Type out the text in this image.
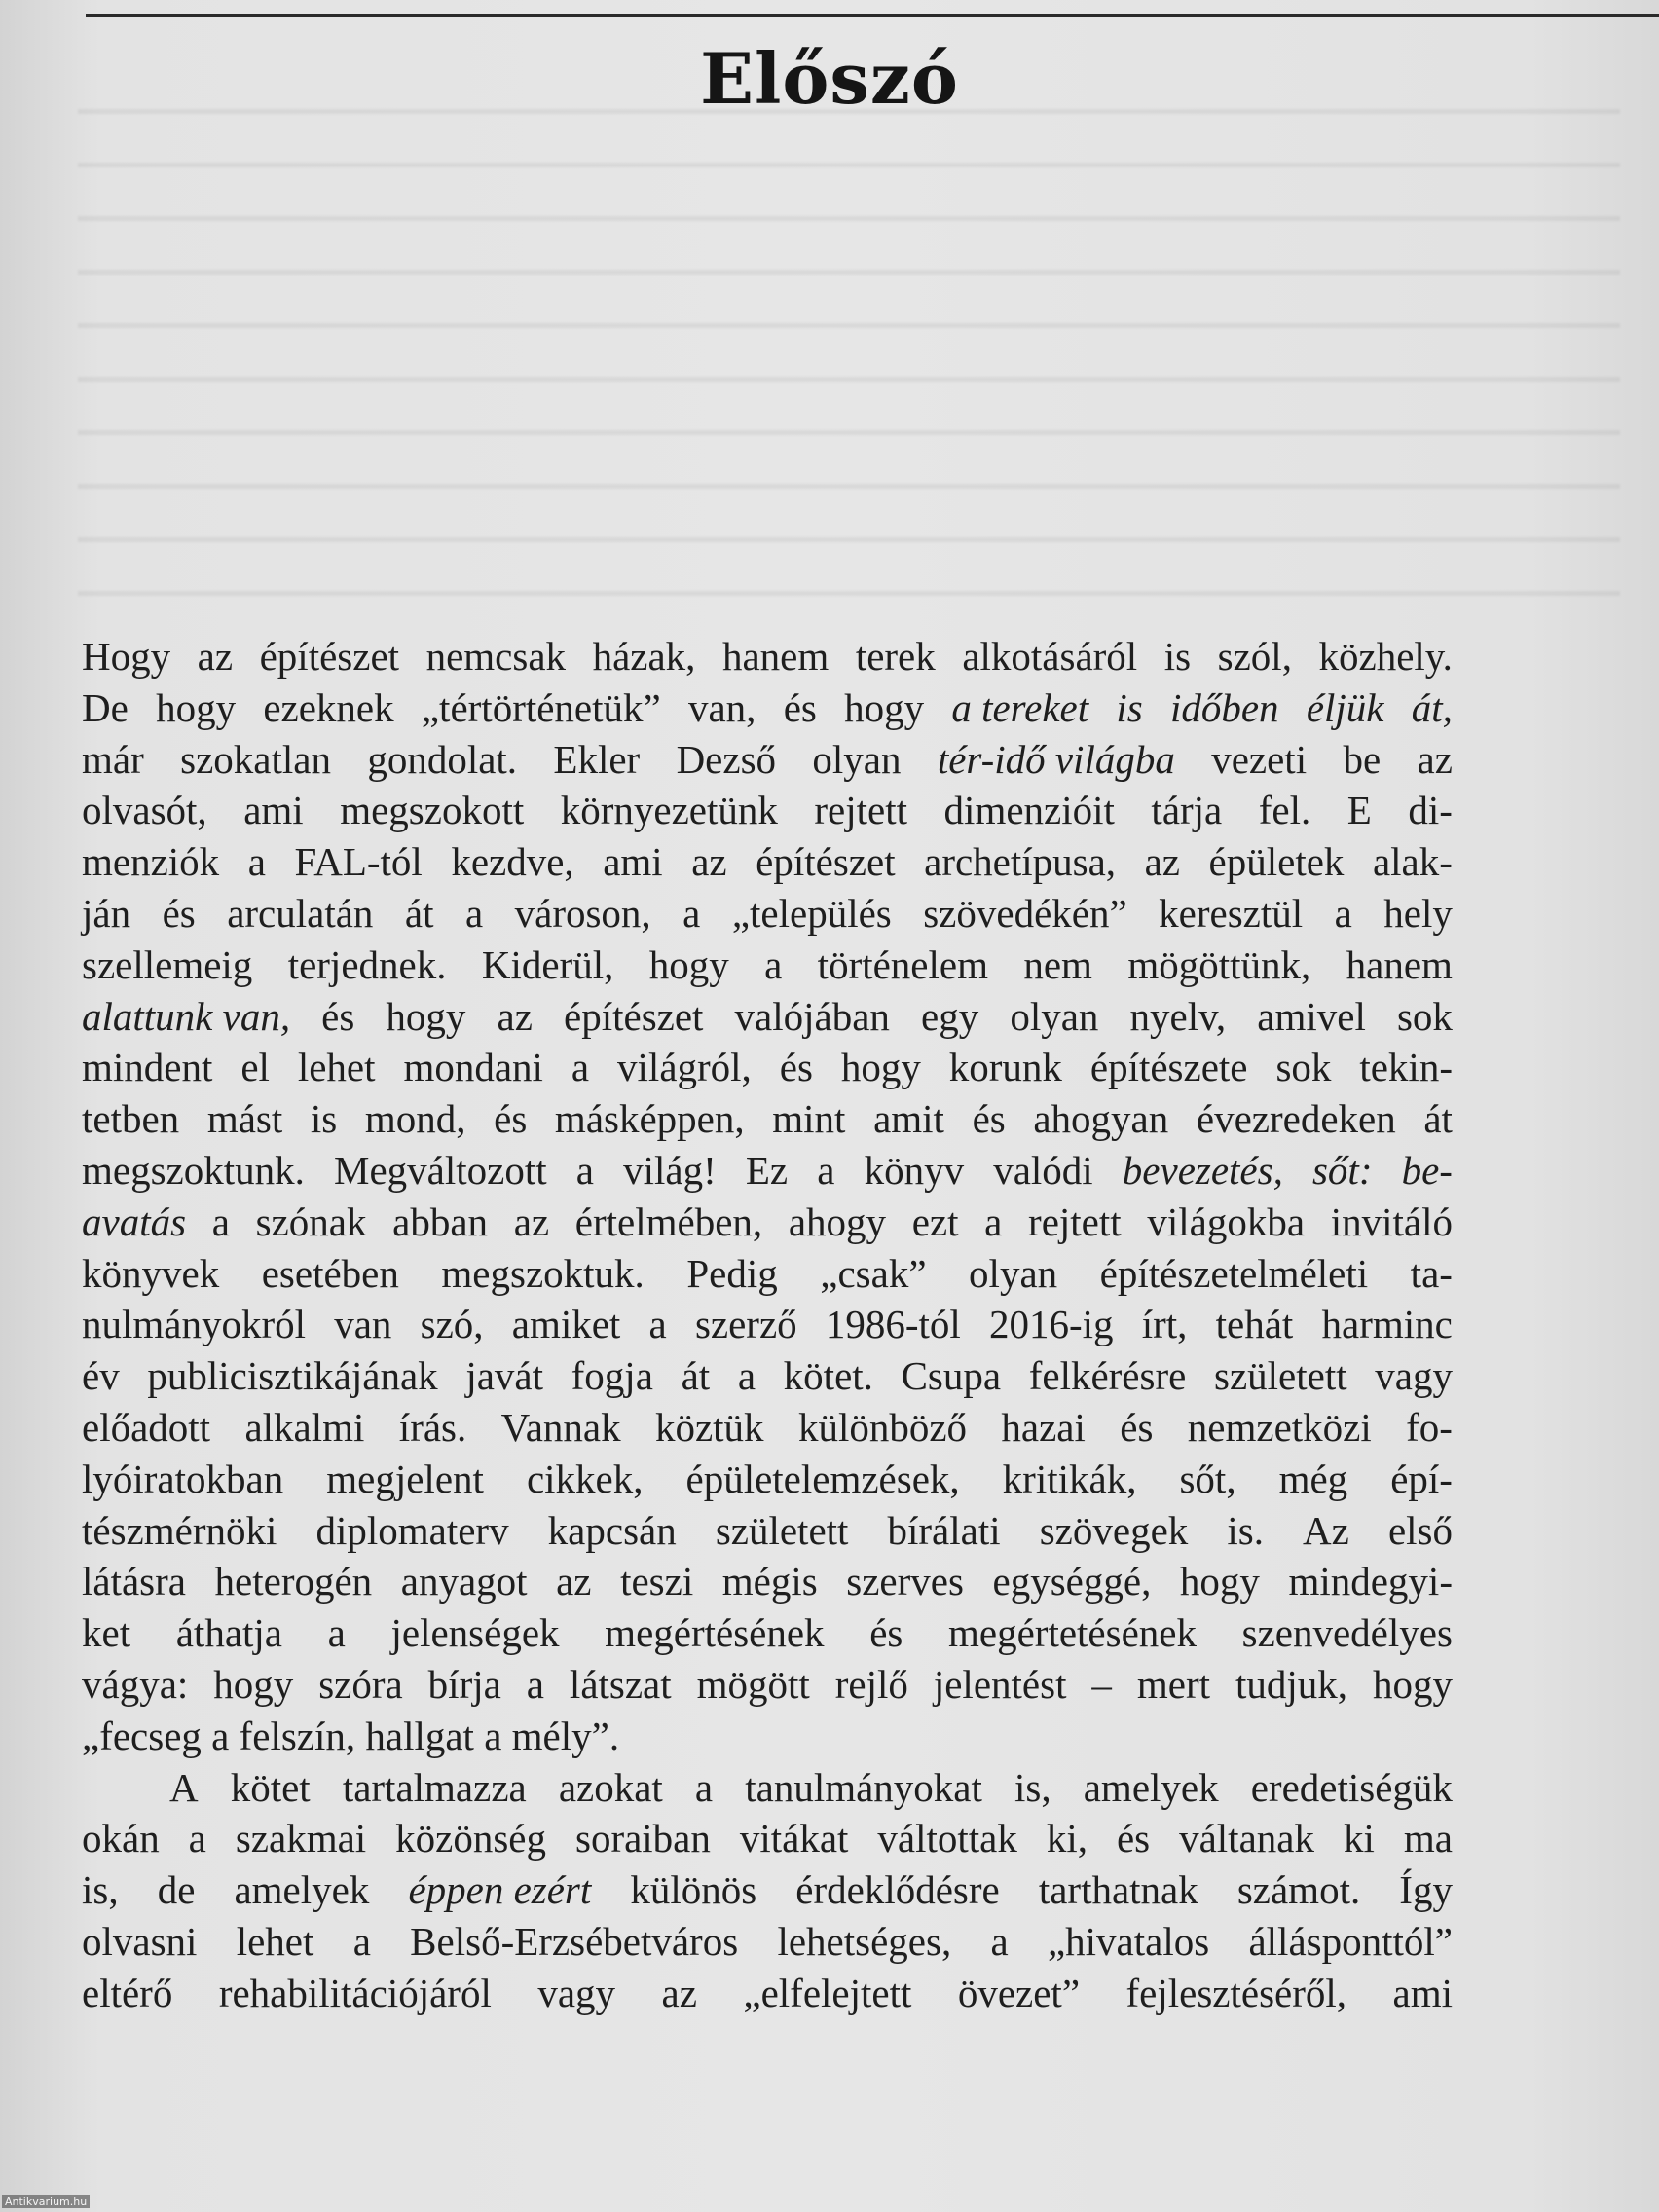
Előszó
Hogy az építészet nemcsak házak, hanem terek alkotásáról is szól, közhely.
De hogy ezeknek „tértörténetük” van, és hogy a tereket is időben éljük át,
már szokatlan gondolat. Ekler Dezső olyan tér-idő világba vezeti be az
olvasót, ami megszokott környezetünk rejtett dimenzióit tárja fel. E di-
menziók a FAL-tól kezdve, ami az építészet archetípusa, az épületek alak-
ján és arculatán át a városon, a „település szövedékén” keresztül a hely
szellemeig terjednek. Kiderül, hogy a történelem nem mögöttünk, hanem
alattunk van, és hogy az építészet valójában egy olyan nyelv, amivel sok
mindent el lehet mondani a világról, és hogy korunk építészete sok tekin-
tetben mást is mond, és másképpen, mint amit és ahogyan évezredeken át
megszoktunk. Megváltozott a világ! Ez a könyv valódi bevezetés, sőt: be-
avatás a szónak abban az értelmében, ahogy ezt a rejtett világokba invitáló
könyvek esetében megszoktuk. Pedig „csak” olyan építészetelméleti ta-
nulmányokról van szó, amiket a szerző 1986-tól 2016-ig írt, tehát harminc
év publicisztikájának javát fogja át a kötet. Csupa felkérésre született vagy
előadott alkalmi írás. Vannak köztük különböző hazai és nemzetközi fo-
lyóiratokban megjelent cikkek, épületelemzések, kritikák, sőt, még épí-
tészmérnöki diplomaterv kapcsán született bírálati szövegek is. Az első
látásra heterogén anyagot az teszi mégis szerves egységgé, hogy mindegyi-
ket áthatja a jelenségek megértésének és megértetésének szenvedélyes
vágya: hogy szóra bírja a látszat mögött rejlő jelentést – mert tudjuk, hogy
„fecseg a felszín, hallgat a mély”.
A kötet tartalmazza azokat a tanulmányokat is, amelyek eredetiségük
okán a szakmai közönség soraiban vitákat váltottak ki, és váltanak ki ma
is, de amelyek éppen ezért különös érdeklődésre tarthatnak számot. Így
olvasni lehet a Belső-Erzsébetváros lehetséges, a „hivatalos állásponttól”
eltérő rehabilitációjáról vagy az „elfelejtett övezet” fejlesztéséről, ami
Antikvarium.hu
